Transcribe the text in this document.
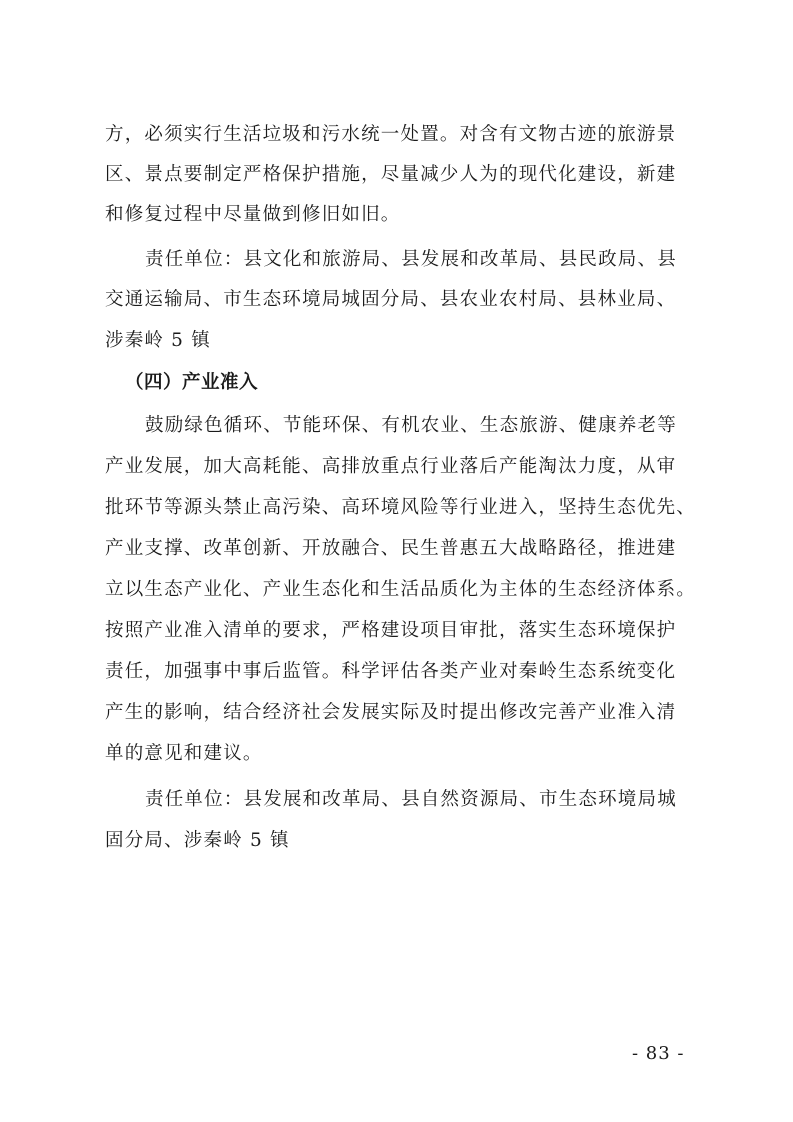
方，必须实行生活垃圾和污水统一处置。对含有文物古迹的旅游景
区、景点要制定严格保护措施，尽量减少人为的现代化建设，新建
和修复过程中尽量做到修旧如旧。
责任单位：县文化和旅游局、县发展和改革局、县民政局、县
交通运输局、市生态环境局城固分局、县农业农村局、县林业局、
涉秦岭 5 镇
（四）产业准入
鼓励绿色循环、节能环保、有机农业、生态旅游、健康养老等
产业发展，加大高耗能、高排放重点行业落后产能淘汰力度，从审
批环节等源头禁止高污染、高环境风险等行业进入，坚持生态优先、
产业支撑、改革创新、开放融合、民生普惠五大战略路径，推进建
立以生态产业化、产业生态化和生活品质化为主体的生态经济体系。
按照产业准入清单的要求，严格建设项目审批，落实生态环境保护
责任，加强事中事后监管。科学评估各类产业对秦岭生态系统变化
产生的影响，结合经济社会发展实际及时提出修改完善产业准入清
单的意见和建议。
责任单位：县发展和改革局、县自然资源局、市生态环境局城
固分局、涉秦岭 5 镇
- 83 -
